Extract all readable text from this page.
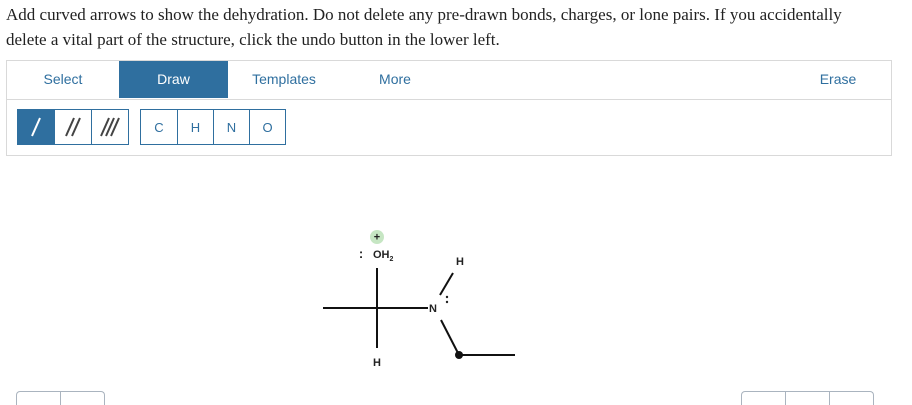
Add curved arrows to show the dehydration. Do not delete any pre-drawn bonds, charges, or lone pairs. If you accidentally
delete a vital part of the structure, click the undo button in the lower left.
Select	Draw	Templates	More	Erase
C	H	N	O
+
: $OH_2$
H
N
H
